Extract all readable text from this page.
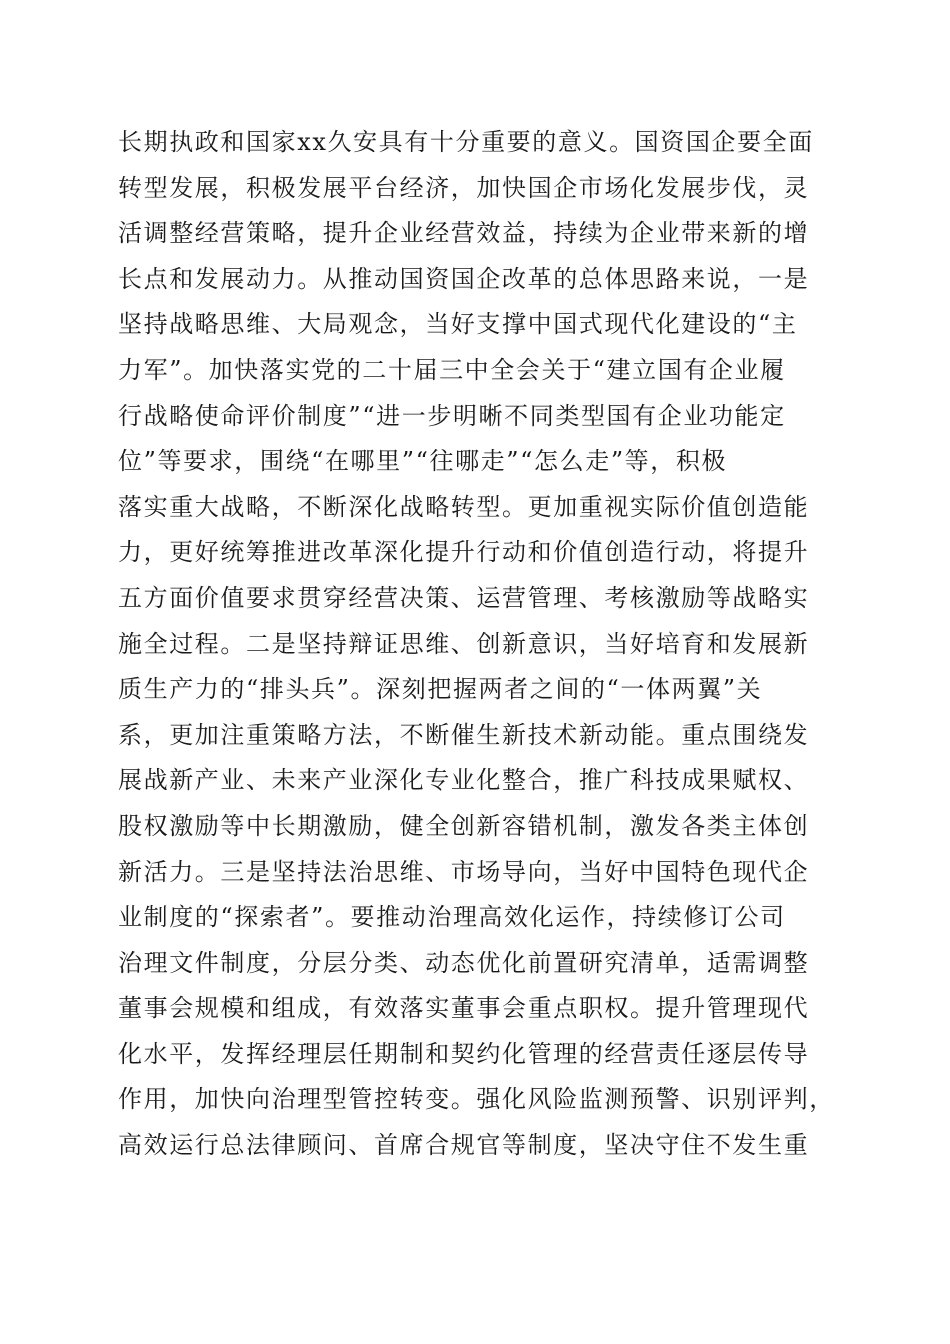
长期执政和国家xx久安具有十分重要的意义。国资国企要全面
转型发展，积极发展平台经济，加快国企市场化发展步伐，灵
活调整经营策略，提升企业经营效益，持续为企业带来新的增
长点和发展动力。从推动国资国企改革的总体思路来说，一是
坚持战略思维、大局观念，当好支撑中国式现代化建设的“主
力军”。加快落实党的二十届三中全会关于“建立国有企业履
行战略使命评价制度”“进一步明晰不同类型国有企业功能定
位”等要求，围绕“在哪里”“往哪走”“怎么走”等，积极
落实重大战略，不断深化战略转型。更加重视实际价值创造能
力，更好统筹推进改革深化提升行动和价值创造行动，将提升
五方面价值要求贯穿经营决策、运营管理、考核激励等战略实
施全过程。二是坚持辩证思维、创新意识，当好培育和发展新
质生产力的“排头兵”。深刻把握两者之间的“一体两翼”关
系，更加注重策略方法，不断催生新技术新动能。重点围绕发
展战新产业、未来产业深化专业化整合，推广科技成果赋权、
股权激励等中长期激励，健全创新容错机制，激发各类主体创
新活力。三是坚持法治思维、市场导向，当好中国特色现代企
业制度的“探索者”。要推动治理高效化运作，持续修订公司
治理文件制度，分层分类、动态优化前置研究清单，适需调整
董事会规模和组成，有效落实董事会重点职权。提升管理现代
化水平，发挥经理层任期制和契约化管理的经营责任逐层传导
作用，加快向治理型管控转变。强化风险监测预警、识别评判，
高效运行总法律顾问、首席合规官等制度，坚决守住不发生重
